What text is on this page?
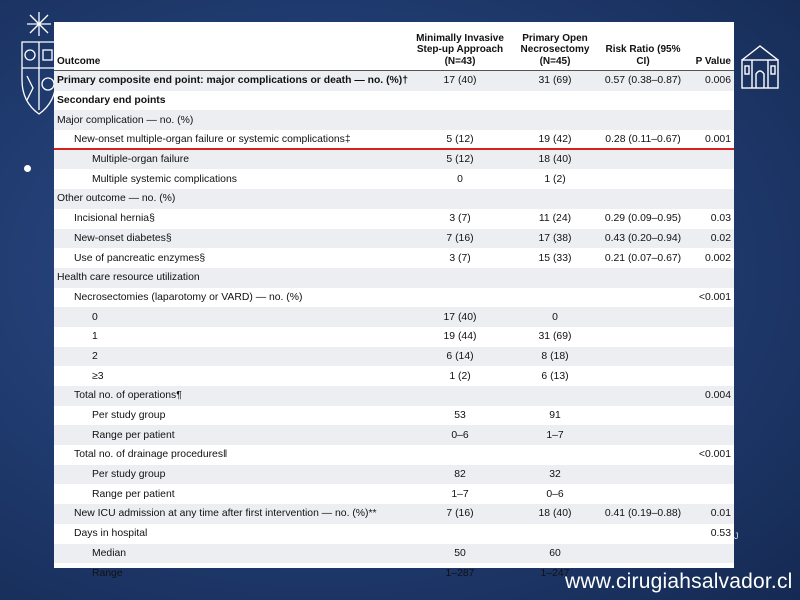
Outcome	Minimally Invasive Step-up Approach (N=43)	Primary Open Necrosectomy (N=45)	Risk Ratio (95% CI)	P Value
Primary composite end point: major complications or death — no. (%)†	17 (40)	31 (69)	0.57 (0.38–0.87)	0.006
Secondary end points				
Major complication — no. (%)				
New-onset multiple-organ failure or systemic complications‡	5 (12)	19 (42)	0.28 (0.11–0.67)	0.001
Multiple-organ failure	5 (12)	18 (40)		
Multiple systemic complications	0	1 (2)		
Other outcome — no. (%)				
Incisional hernia§	3 (7)	11 (24)	0.29 (0.09–0.95)	0.03
New-onset diabetes§	7 (16)	17 (38)	0.43 (0.20–0.94)	0.02
Use of pancreatic enzymes§	3 (7)	15 (33)	0.21 (0.07–0.67)	0.002
Health care resource utilization				
Necrosectomies (laparotomy or VARD) — no. (%)				<0.001
0	17 (40)	0		
1	19 (44)	31 (69)		
2	6 (14)	8 (18)		
≥3	1 (2)	6 (13)		
Total no. of operations¶				0.004
Per study group	53	91		
Range per patient	0–6	1–7		
Total no. of drainage procedures‖				<0.001
Per study group	82	32		
Range per patient	1–7	0–6		
New ICU admission at any time after first intervention — no. (%)**	7 (16)	18 (40)	0.41 (0.19–0.88)	0.01
Days in hospital				0.53
Median	50	60		
Range	1–287	1–247		
J
www.cirugiahsalvador.cl
